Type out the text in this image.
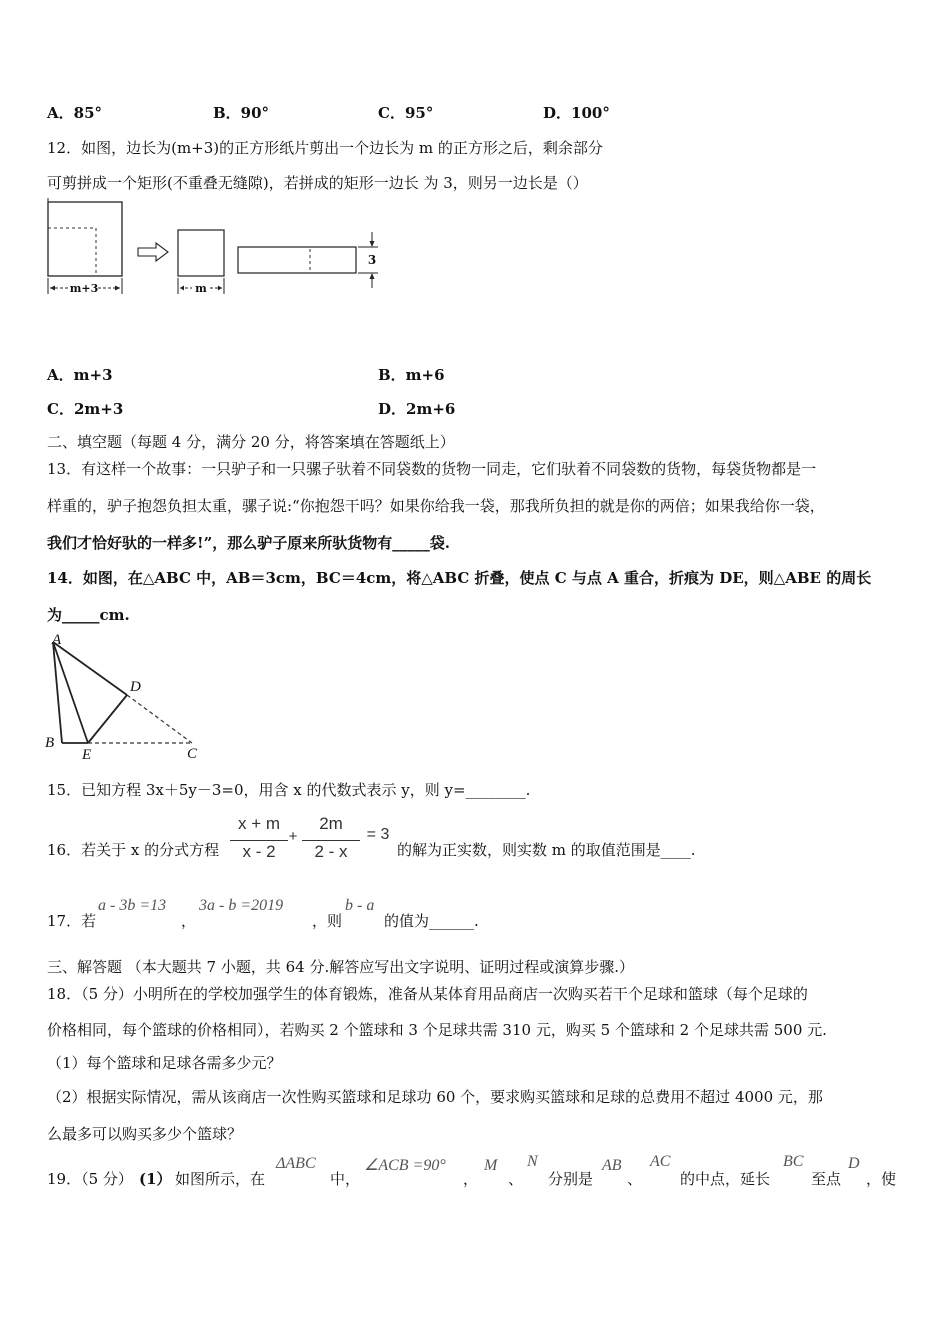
A．85°	B．90°	C．95°	D．100°
12．如图，边长为(m+3)的正方形纸片剪出一个边长为 m 的正方形之后，剩余部分
可剪拼成一个矩形(不重叠无缝隙)，若拼成的矩形一边长 为 3，则另一边长是（）
m+3	m
3
A．m+3	B．m+6
C．2m+3	D．2m+6
二、填空题（每题 4 分，满分 20 分，将答案填在答题纸上）
13．有这样一个故事：一只驴子和一只骡子驮着不同袋数的货物一同走，它们驮着不同袋数的货物，每袋货物都是一
样重的，驴子抱怨负担太重，骡子说:“你抱怨干吗？如果你给我一袋，那我所负担的就是你的两倍；如果我给你一袋，
我们才恰好驮的一样多!”，那么驴子原来所驮货物有_____袋.
14．如图，在△ABC 中，AB＝3cm，BC＝4cm，将△ABC 折叠，使点 C 与点 A 重合，折痕为 DE，则△ABE 的周长
为_____cm.
A
B
C
D
E
15．已知方程 3x＋5y－3=0，用含 x 的代数式表示 y，则 y=________.
16．若关于 x 的分式方程
x + m
x - 2
+
2m
2 - x
= 3
的解为正实数，则实数 m 的取值范围是____.
17．若
a - 3b =13
，
3a - b =2019
，则
b - a
的值为______.
三、解答题 （本大题共 7 小题，共 64 分.解答应写出文字说明、证明过程或演算步骤.）
18．（5 分）小明所在的学校加强学生的体育锻炼，准备从某体育用品商店一次购买若干个足球和篮球（每个足球的
价格相同，每个篮球的价格相同），若购买 2 个篮球和 3 个足球共需 310 元，购买 5 个篮球和 2 个足球共需 500 元.
（1）每个篮球和足球各需多少元？
（2）根据实际情况，需从该商店一次性购买篮球和足球功 60 个，要求购买篮球和足球的总费用不超过 4000 元，那
么最多可以购买多少个篮球？
19．（5 分） (1） 如图所示，在
ΔABC
中，
∠ACB =90°
，
M
、
N
分别是
AB
、
AC
的中点，延长
BC
至点
D
，使
